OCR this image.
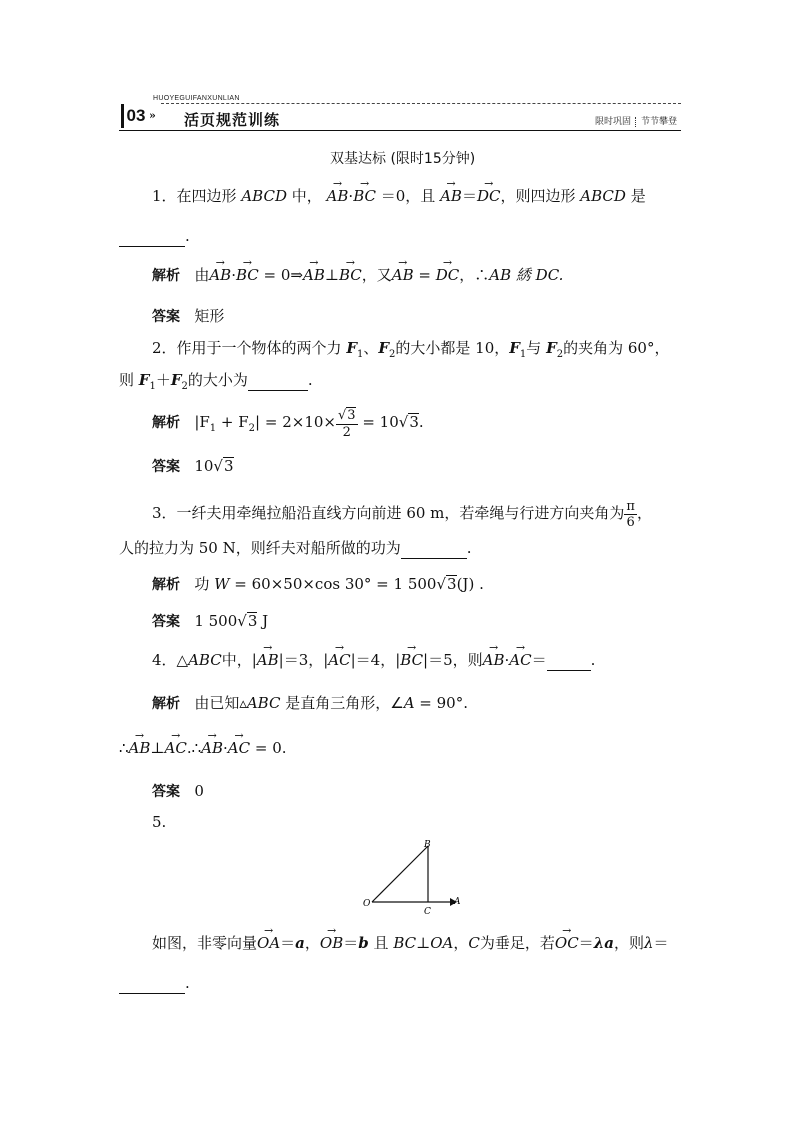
HUOYEGUIFANXUNLIAN
03 » 活页规范训练	限时巩固 节节攀登
双基达标 (限时15分钟)
1．在四边形 ABCD 中， → AB·→ BC ＝0，且 → AB＝→ DC，则四边形 ABCD 是
.
解析 由→ AB·→ BC = 0⇒→ AB⊥→ BC，又→ AB = → DC，∴AB 綉 DC.
答案 矩形
2．作用于一个物体的两个力 $F_1$、$F_2$的大小都是 10，$F_1$与 $F_2$的夹角为 60°，
则 $F_1+F_2$的大小为	.
解析 $|F_1 + F_2| = 2\times 10\times \frac{√3}{2} = 10√3$.
答案 10√3
3．一纤夫用牵绳拉船沿直线方向前进 60 m，若牵绳与行进方向夹角为 $\frac{\pi}{6}$，
人的拉力为 50 N，则纤夫对船所做的功为	.
解析 功 W = 60×50×cos 30° = 1 500√3(J) .
答案 1 500√3 J
4．△ABC中，|→ AB|＝3，|→ AC|＝4，|→ BC|＝5，则→ AB·→ AC＝	.
解析 由已知▵ABC 是直角三角形，∠A = 90°.
∴→ AB⊥→ AC.∴→ AB·→ AC = 0.
答案 0
5.
B
O
C
A
如图，非零向量→ OA＝a，→ OB＝b 且 BC⊥OA，C为垂足，若→ OC＝λa，则λ＝
.
